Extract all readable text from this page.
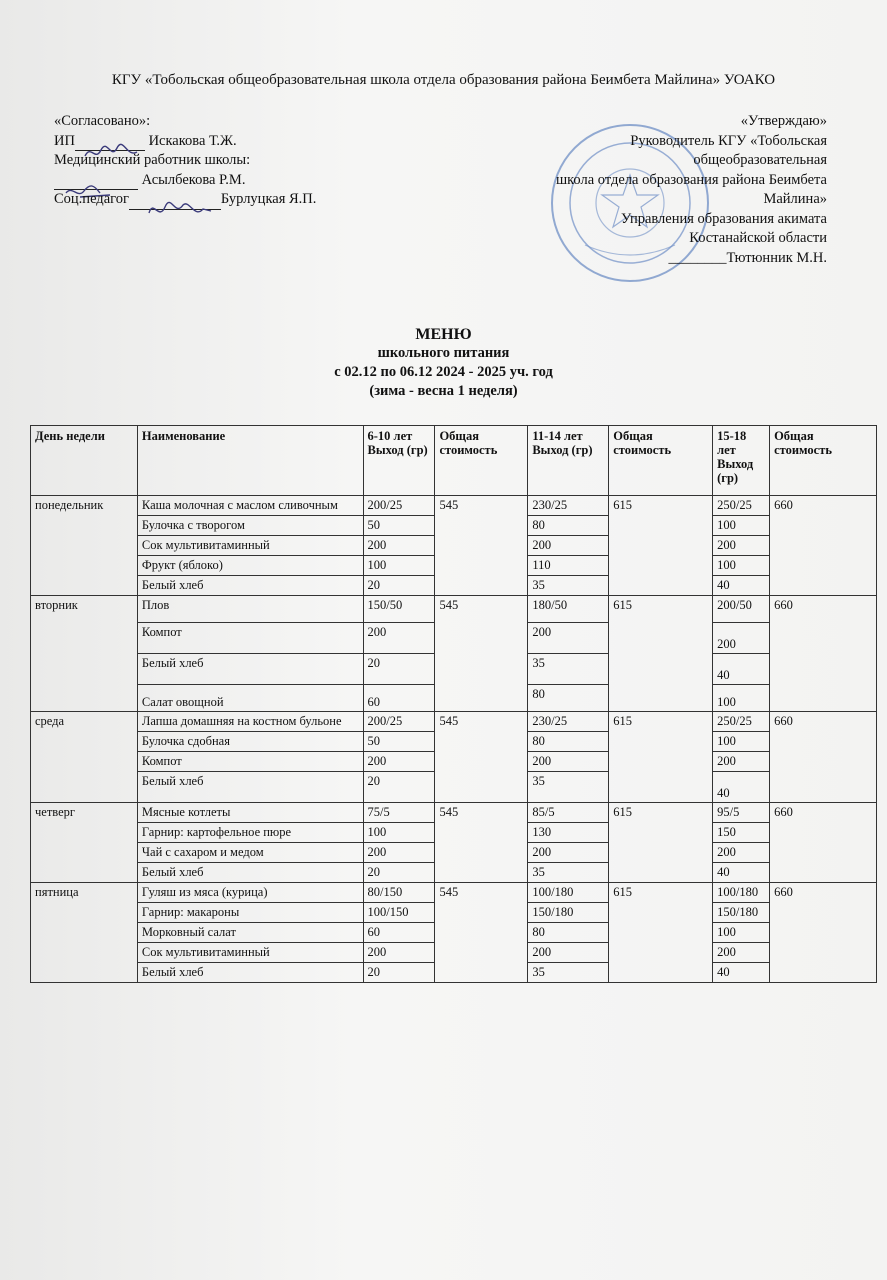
КГУ «Тобольская общеобразовательная школа отдела образования района Беимбета Майлина» УОАКО
«Согласовано»:
ИП	Искакова Т.Ж.
Медицинский работник школы:
Асылбекова Р.М.
Соц.педагог	Бурлуцкая Я.П.
«Утверждаю»
Руководитель КГУ «Тобольская
общеобразовательная
школа отдела образования района Беимбета
Майлина»
Управления образования акимата
Костанайской области
________Тютюнник М.Н.
МЕНЮ
школьного питания
с 02.12 по 06.12 2024 - 2025 уч. год
(зима - весна 1 неделя)
День недели	Наименование	6-10 лет Выход (гр)	Общая стоимость	11-14 лет Выход (гр)	Общая стоимость	15-18 лет Выход (гр)	Общая стоимость
понедельник	Каша молочная с маслом сливочным	200/25	545	230/25	615	250/25	660
	Булочка с творогом	50		80		100	
	Сок мультивитаминный	200		200		200	
	Фрукт (яблоко)	100		110		100	
	Белый хлеб	20		35		40	
вторник	Плов	150/50	545	180/50	615	200/50	660
	Компот	200		200		200	
	Белый хлеб	20		35		40	
	Салат овощной	60		80		100	
среда	Лапша домашняя на костном бульоне	200/25	545	230/25	615	250/25	660
	Булочка сдобная	50		80		100	
	Компот	200		200		200	
	Белый хлеб	20		35		40	
четверг	Мясные котлеты	75/5	545	85/5	615	95/5	660
	Гарнир: картофельное пюре	100		130		150	
	Чай с сахаром и медом	200		200		200	
	Белый хлеб	20		35		40	
пятница	Гуляш из мяса (курица)	80/150	545	100/180	615	100/180	660
	Гарнир: макароны	100/150		150/180		150/180	
	Морковный салат	60		80		100	
	Сок мультивитаминный	200		200		200	
	Белый хлеб	20		35		40	
